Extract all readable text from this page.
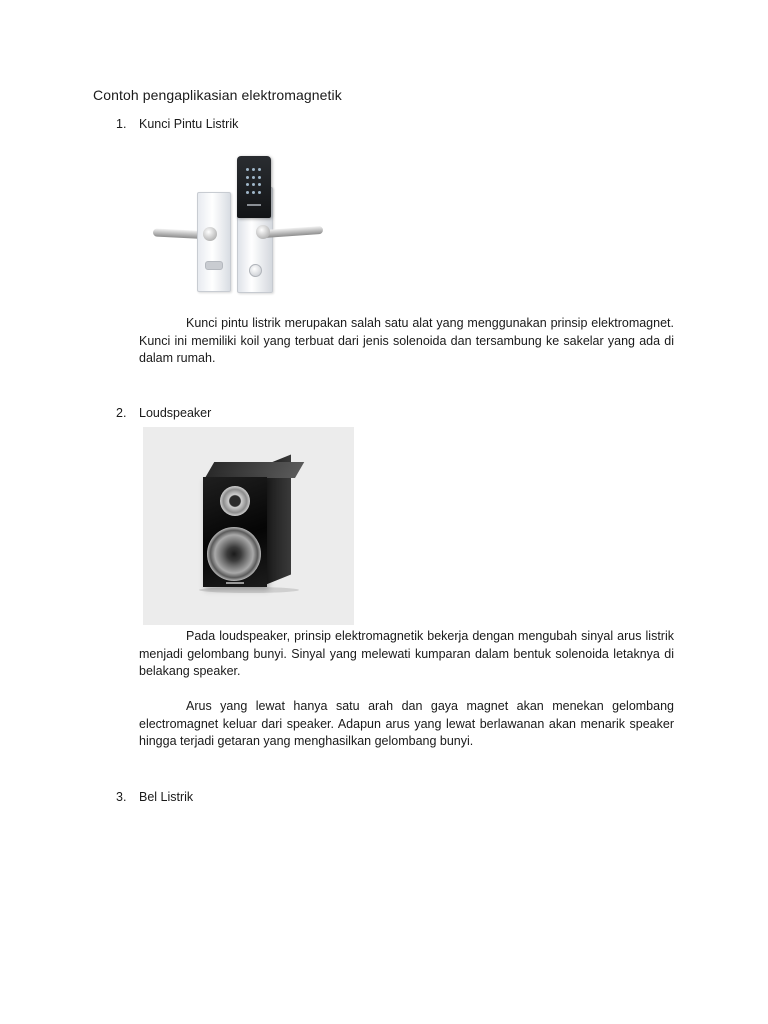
Contoh pengaplikasian elektromagnetik
1. Kunci Pintu Listrik

Kunci pintu listrik merupakan salah satu alat yang menggunakan prinsip elektromagnet. Kunci ini memiliki koil yang terbuat dari jenis solenoida dan tersambung ke sakelar yang ada di dalam rumah.

2. Loudspeaker

Pada loudspeaker, prinsip elektromagnetik bekerja dengan mengubah sinyal arus listrik menjadi gelombang bunyi. Sinyal yang melewati kumparan dalam bentuk solenoida letaknya di belakang speaker.

Arus yang lewat hanya satu arah dan gaya magnet akan menekan gelombang electromagnet keluar dari speaker. Adapun arus yang lewat berlawanan akan menarik speaker hingga terjadi getaran yang menghasilkan gelombang bunyi.

3. Bel Listrik
